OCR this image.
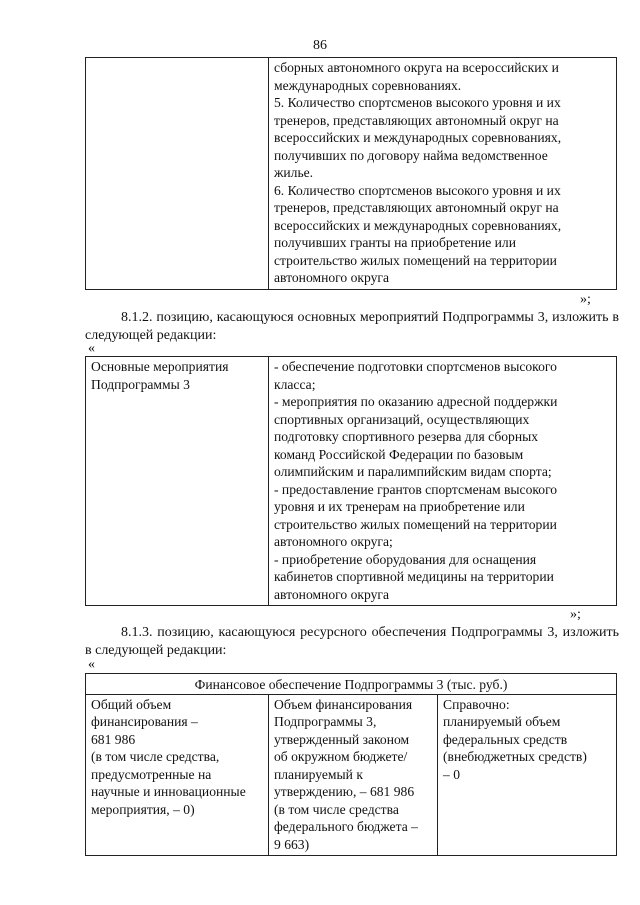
86

сборных автономного округа на всероссийских и
международных соревнованиях.
5. Количество спортсменов высокого уровня и их
тренеров, представляющих автономный округ на
всероссийских и международных соревнованиях,
получивших по договору найма ведомственное
жилье.
6. Количество спортсменов высокого уровня и их
тренеров, представляющих автономный округ на
всероссийских и международных соревнованиях,
получивших гранты на приобретение или
строительство жилых помещений на территории
автономного округа
»;
8.1.2. позицию, касающуюся основных мероприятий Подпрограммы 3, изложить в следующей редакции:
«
Основные мероприятия
Подпрограммы 3

- обеспечение подготовки спортсменов высокого
класса;
- мероприятия по оказанию адресной поддержки
спортивных организаций, осуществляющих
подготовку спортивного резерва для сборных
команд Российской Федерации по базовым
олимпийским и паралимпийским видам спорта;
- предоставление грантов спортсменам высокого
уровня и их тренерам на приобретение или
строительство жилых помещений на территории
автономного округа;
- приобретение оборудования для оснащения
кабинетов спортивной медицины на территории
автономного округа
»;
8.1.3. позицию, касающуюся ресурсного обеспечения Подпрограммы 3, изложить в следующей редакции:
«
Финансовое обеспечение Подпрограммы 3 (тыс. руб.)

Общий объем
финансирования –
681 986
(в том числе средства,
предусмотренные на
научные и инновационные
мероприятия, – 0)

Объем финансирования
Подпрограммы 3,
утвержденный законом
об окружном бюджете/
планируемый к
утверждению, – 681 986
(в том числе средства
федерального бюджета –
9 663)

Справочно:
планируемый объем
федеральных средств
(внебюджетных средств)
– 0
